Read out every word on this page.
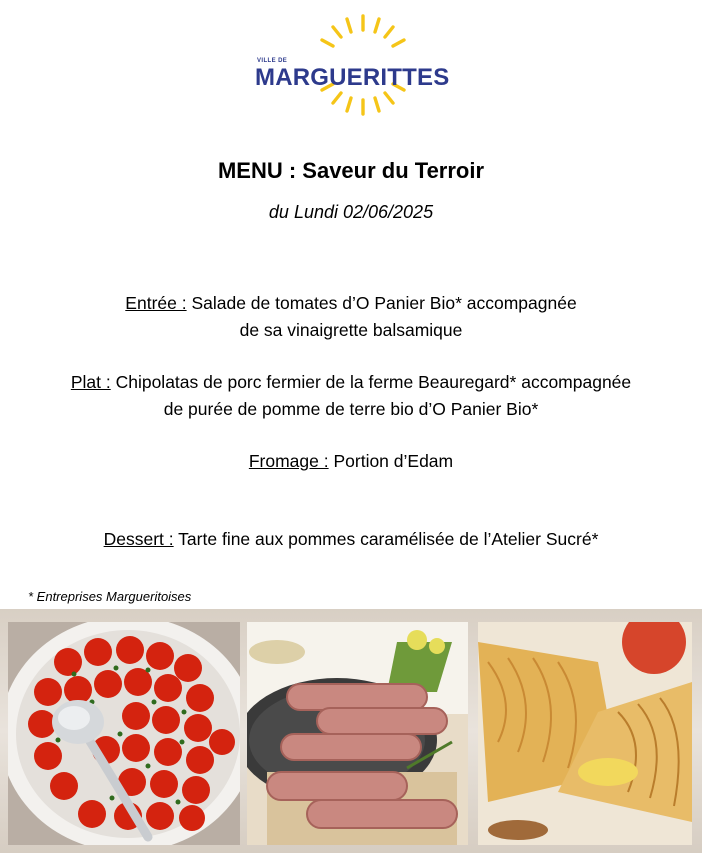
VILLE DE
MARGUERITTES
MENU : Saveur du Terroir
du Lundi 02/06/2025
Entrée : Salade de tomates d’O Panier Bio* accompagnée
de sa vinaigrette balsamique
Plat : Chipolatas de porc fermier de la ferme Beauregard* accompagnée
de purée de pomme de terre bio d’O Panier Bio*
Fromage : Portion d’Edam
Dessert : Tarte fine aux pommes caramélisée de l’Atelier Sucré*
* Entreprises Margueritoises
